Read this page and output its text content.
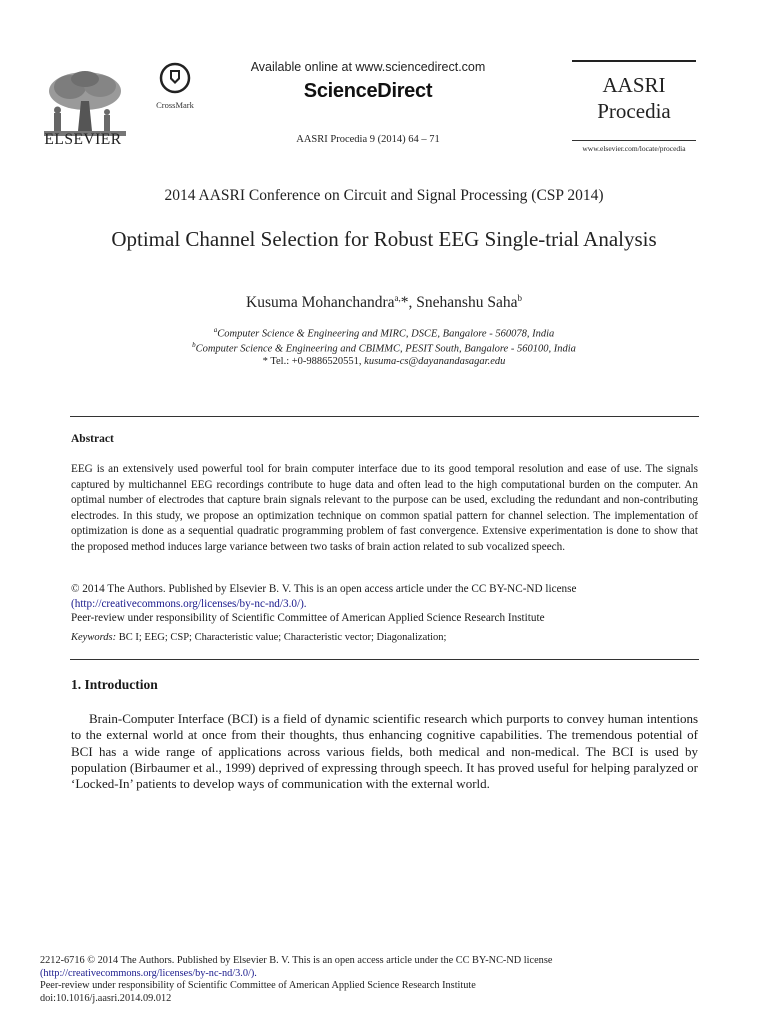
ELSEVIER
CrossMark
Available online at www.sciencedirect.com
ScienceDirect
AASRI Procedia 9 (2014) 64 – 71
AASRI
Procedia
www.elsevier.com/locate/procedia
2014 AASRI Conference on Circuit and Signal Processing (CSP 2014)
Optimal Channel Selection for Robust EEG Single-trial Analysis
Kusuma Mohanchandra$^{a,}$*, Snehanshu Saha$^b$
$^a$Computer Science & Engineering and MIRC, DSCE, Bangalore - 560078, India
$^b$Computer Science & Engineering and CBIMMC, PESIT South, Bangalore - 560100, India
* Tel.: +0-9886520551, kusuma-cs@dayanandasagar.edu
Abstract
EEG is an extensively used powerful tool for brain computer interface due to its good temporal resolution and ease of use. The signals captured by multichannel EEG recordings contribute to huge data and often lead to the high computational burden on the computer. An optimal number of electrodes that capture brain signals relevant to the purpose can be used, excluding the redundant and non-contributing electrodes. In this study, we propose an optimization technique on common spatial pattern for channel selection. The implementation of optimization is done as a sequential quadratic programming problem of fast convergence. Extensive experimentation is done to show that the proposed method induces large variance between two tasks of brain action related to sub vocalized speech.
© 2014 The Authors. Published by Elsevier B. V. This is an open access article under the CC BY-NC-ND license
(http://creativecommons.org/licenses/by-nc-nd/3.0/).
Peer-review under responsibility of Scientific Committee of American Applied Science Research Institute
Keywords: BC I; EEG; CSP; Characteristic value; Characteristic vector; Diagonalization;
1. Introduction
Brain-Computer Interface (BCI) is a field of dynamic scientific research which purports to convey human intentions to the external world at once from their thoughts, thus enhancing cognitive capabilities. The tremendous potential of BCI has a wide range of applications across various fields, both medical and non-medical. The BCI is used by population (Birbaumer et al., 1999) deprived of expressing through speech. It has proved useful for helping paralyzed or ‘Locked-In’ patients to develop ways of communication with the external world.
2212-6716 © 2014 The Authors. Published by Elsevier B. V. This is an open access article under the CC BY-NC-ND license
(http://creativecommons.org/licenses/by-nc-nd/3.0/).
Peer-review under responsibility of Scientific Committee of American Applied Science Research Institute
doi:10.1016/j.aasri.2014.09.012
